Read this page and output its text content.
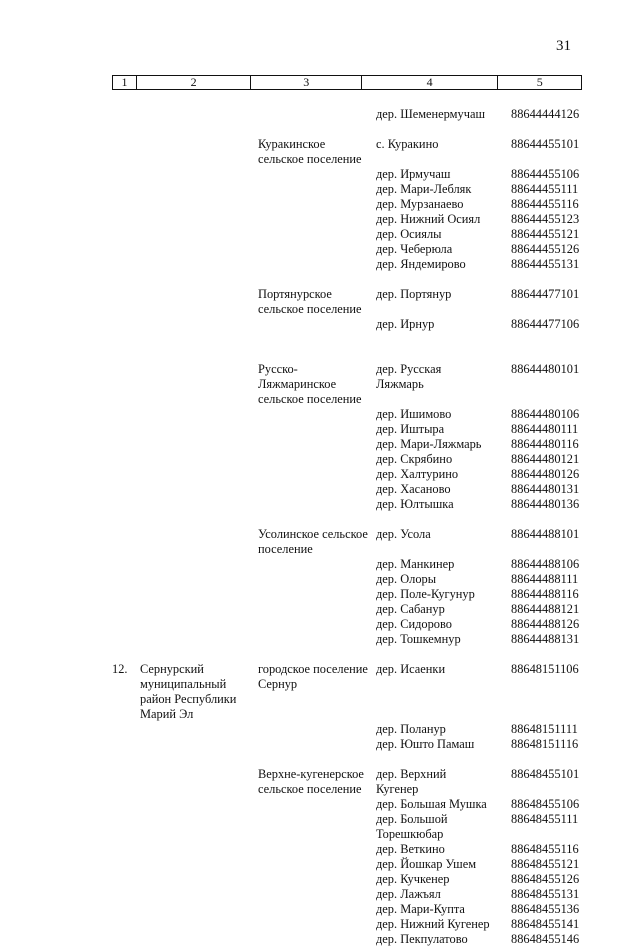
31
1	2	3	4	5

			дер. Шеменермучаш	88644444126

		Куракинское сельское поселение	с. Куракино	88644455101

			дер. Ирмучаш	88644455106

			дер. Мари-Лебляк	88644455111

			дер. Мурзанаево	88644455116

			дер. Нижний Осиял	88644455123

			дер. Осиялы	88644455121

			дер. Чеберюла	88644455126

			дер. Яндемирово	88644455131

		Портянурское сельское поселение	дер. Портянур	88644477101

			дер. Ирнур	88644477106

		Русско-Ляжмаринское сельское поселение	дер. Русская
Ляжмарь	88644480101

			дер. Ишимово	88644480106

			дер. Иштыра	88644480111

			дер. Мари-Ляжмарь	88644480116

			дер. Скрябино	88644480121

			дер. Халтурино	88644480126

			дер. Хасаново	88644480131

			дер. Юлтышка	88644480136

		Усолинское сельское поселение	дер. Усола	88644488101

			дер. Манкинер	88644488106

			дер. Олоры	88644488111

			дер. Поле-Кугунур	88644488116

			дер. Сабанур	88644488121

			дер. Сидорово	88644488126

			дер. Тошкемнур	88644488131

12.	Сернурский муниципальный район Республики Марий Эл	городское поселение Сернур	дер. Исаенки	88648151106

			дер. Поланур	88648151111

			дер. Юшто Памаш	88648151116

		Верхне-кугенерское сельское поселение	дер. Верхний
Кугенер	88648455101

			дер. Большая Мушка	88648455106

			дер. Большой
Торешкюбар	88648455111

			дер. Веткино	88648455116

			дер. Йошкар Ушем	88648455121

			дер. Кучкенер	88648455126

			дер. Лажъял	88648455131

			дер. Мари-Купта	88648455136

			дер. Нижний Кугенер	88648455141

			дер. Пекпулатово	88648455146
